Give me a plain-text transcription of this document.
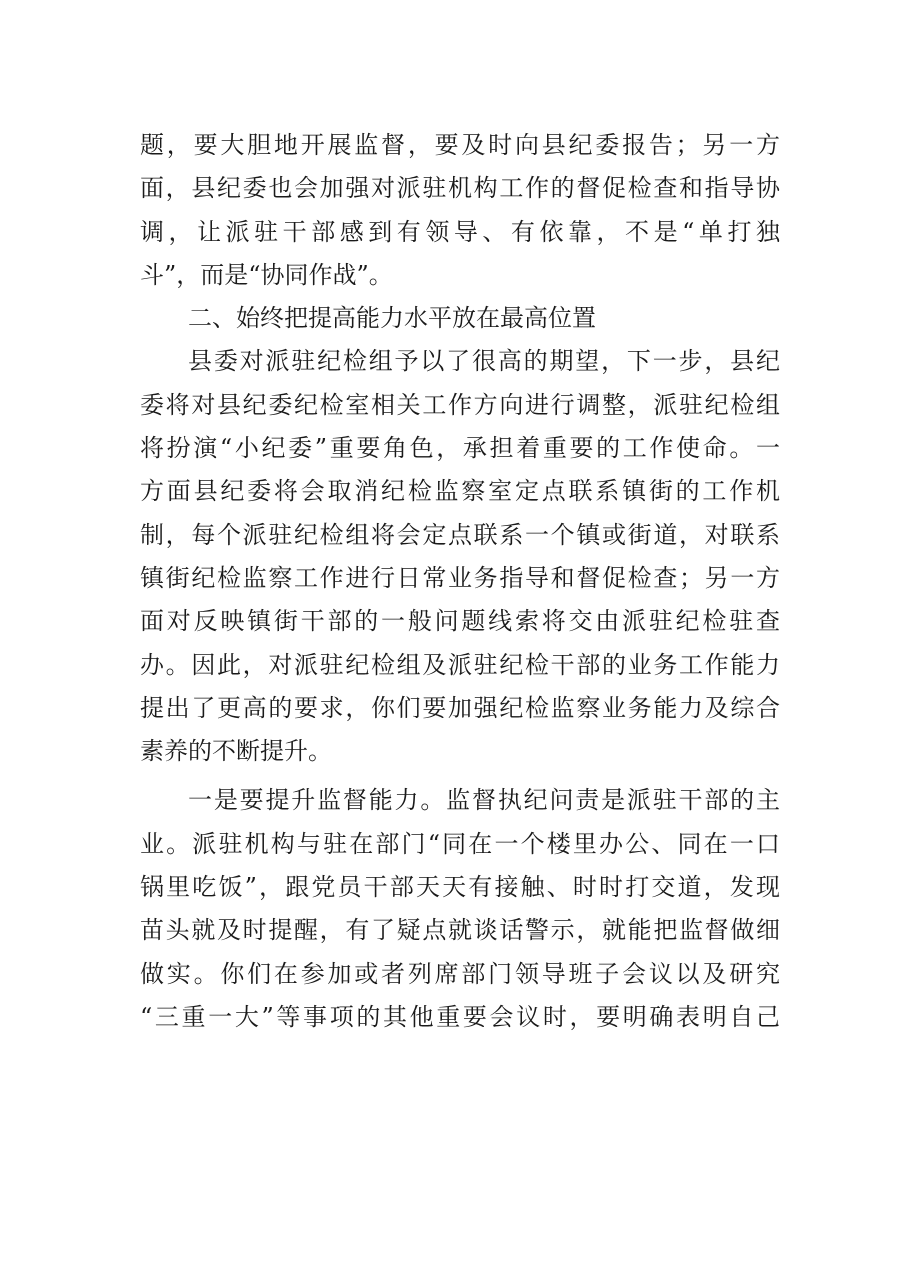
题，要大胆地开展监督，要及时向县纪委报告；另一方
面，县纪委也会加强对派驻机构工作的督促检查和指导协
调，让派驻干部感到有领导、有依靠，不是“单打独
斗”，而是“协同作战”。
二、始终把提高能力水平放在最高位置
县委对派驻纪检组予以了很高的期望，下一步，县纪
委将对县纪委纪检室相关工作方向进行调整，派驻纪检组
将扮演“小纪委”重要角色，承担着重要的工作使命。一
方面县纪委将会取消纪检监察室定点联系镇街的工作机
制，每个派驻纪检组将会定点联系一个镇或街道，对联系
镇街纪检监察工作进行日常业务指导和督促检查；另一方
面对反映镇街干部的一般问题线索将交由派驻纪检驻查
办。因此，对派驻纪检组及派驻纪检干部的业务工作能力
提出了更高的要求，你们要加强纪检监察业务能力及综合
素养的不断提升。
一是要提升监督能力。监督执纪问责是派驻干部的主
业。派驻机构与驻在部门“同在一个楼里办公、同在一口
锅里吃饭”，跟党员干部天天有接触、时时打交道，发现
苗头就及时提醒，有了疑点就谈话警示，就能把监督做细
做实。你们在参加或者列席部门领导班子会议以及研究
“三重一大”等事项的其他重要会议时，要明确表明自己
